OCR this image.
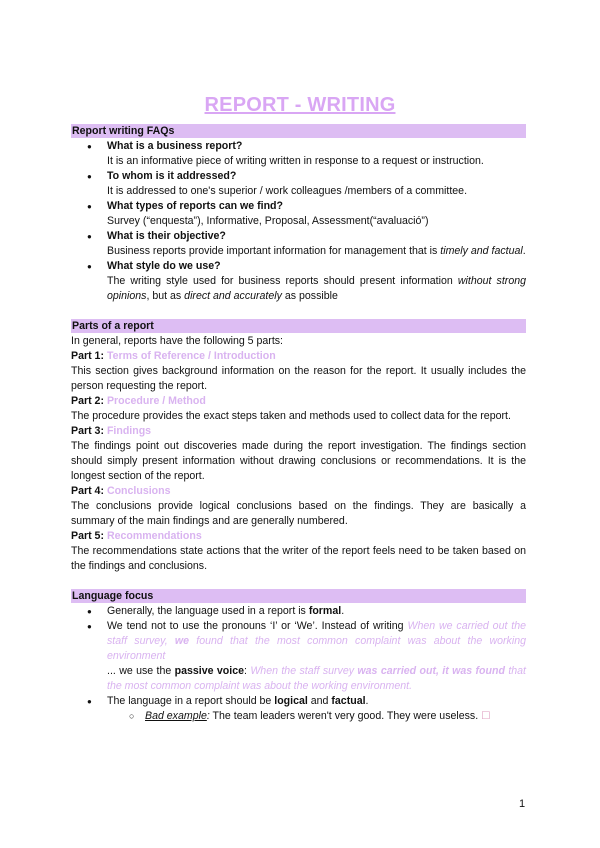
REPORT - WRITING
Report writing FAQs
● What is a business report?
It is an informative piece of writing written in response to a request or instruction.
● To whom is it addressed?
It is addressed to one's superior / work colleagues /members of a committee.
● What types of reports can we find?
Survey (“enquesta”), Informative, Proposal, Assessment(“avaluació”)
● What is their objective?
Business reports provide important information for management that is timely and factual.
● What style do we use?
The writing style used for business reports should present information without strong opinions, but as direct and accurately as possible
Parts of a report
In general, reports have the following 5 parts:
Part 1: Terms of Reference / Introduction
This section gives background information on the reason for the report. It usually includes the person requesting the report.
Part 2: Procedure / Method
The procedure provides the exact steps taken and methods used to collect data for the report.
Part 3: Findings
The findings point out discoveries made during the report investigation. The findings section should simply present information without drawing conclusions or recommendations. It is the longest section of the report.
Part 4: Conclusions
The conclusions provide logical conclusions based on the findings. They are basically a summary of the main findings and are generally numbered.
Part 5: Recommendations
The recommendations state actions that the writer of the report feels need to be taken based on the findings and conclusions.
Language focus
● Generally, the language used in a report is formal.
● We tend not to use the pronouns ‘I’ or ‘We’. Instead of writing When we carried out the staff survey, we found that the most common complaint was about the working environment
... we use the passive voice: When the staff survey was carried out, it was found that the most common complaint was about the working environment.
● The language in a report should be logical and factual.
○ Bad example: The team leaders weren't very good. They were useless. ☐
1
